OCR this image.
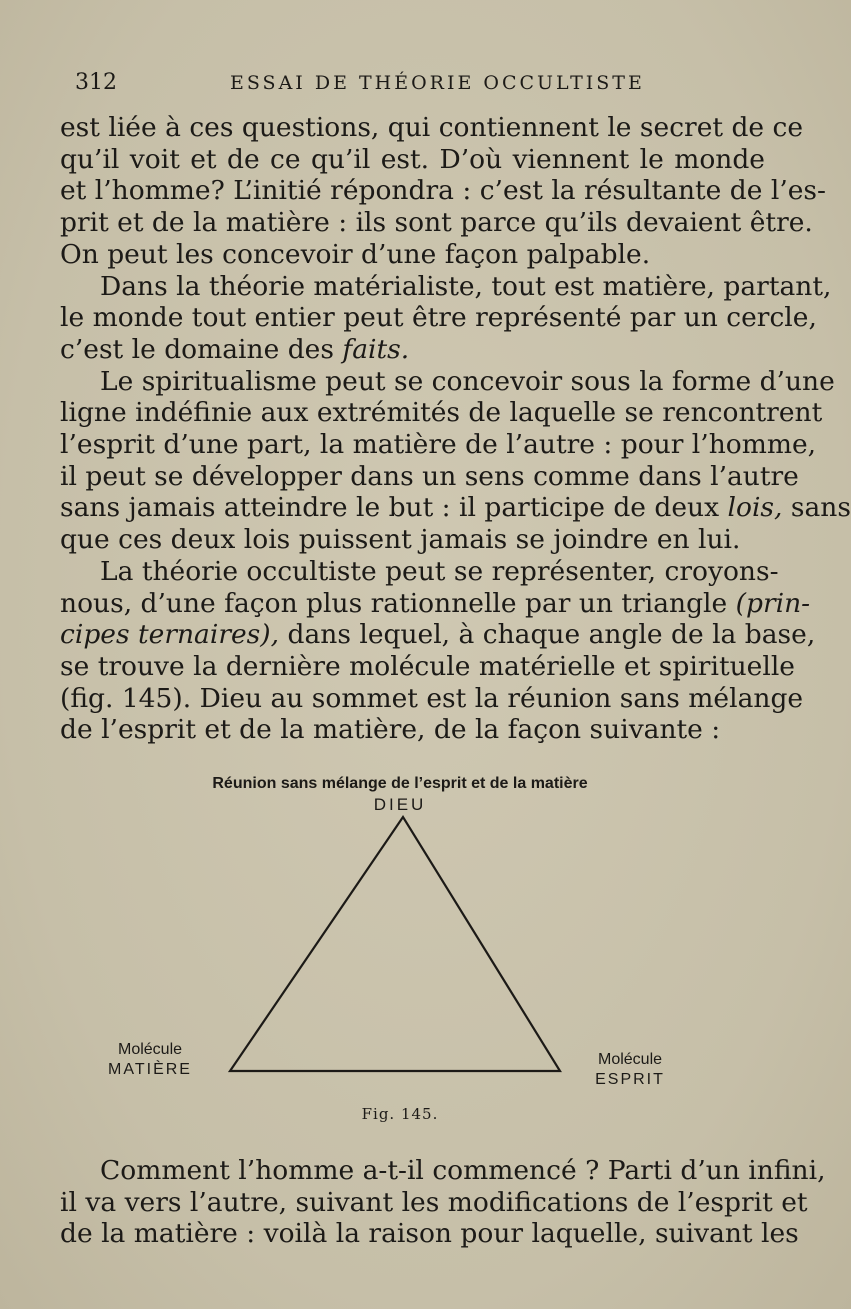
312	ESSAI DE THÉORIE OCCULTISTE
est liée à ces questions, qui contiennent le secret de ce
qu’il voit et de ce qu’il est. D’où viennent le monde
et l’homme? L’initié répondra : c’est la résultante de l’es-
prit et de la matière : ils sont parce qu’ils devaient être.
On peut les concevoir d’une façon palpable.
Dans la théorie matérialiste, tout est matière, partant,
le monde tout entier peut être représenté par un cercle,
c’est le domaine des faits.
Le spiritualisme peut se concevoir sous la forme d’une
ligne indéfinie aux extrémités de laquelle se rencontrent
l’esprit d’une part, la matière de l’autre : pour l’homme,
il peut se développer dans un sens comme dans l’autre
sans jamais atteindre le but : il participe de deux lois, sans
que ces deux lois puissent jamais se joindre en lui.
La théorie occultiste peut se représenter, croyons-
nous, d’une façon plus rationnelle par un triangle (prin-
cipes ternaires), dans lequel, à chaque angle de la base,
se trouve la dernière molécule matérielle et spirituelle
(fig. 145). Dieu au sommet est la réunion sans mélange
de l’esprit et de la matière, de la façon suivante :
Réunion sans mélange de l’esprit et de la matière
DIEU
Molécule
MATIÈRE
Molécule
ESPRIT
Fig. 145.
Comment l’homme a-t-il commencé ? Parti d’un infini,
il va vers l’autre, suivant les modifications de l’esprit et
de la matière : voilà la raison pour laquelle, suivant les
